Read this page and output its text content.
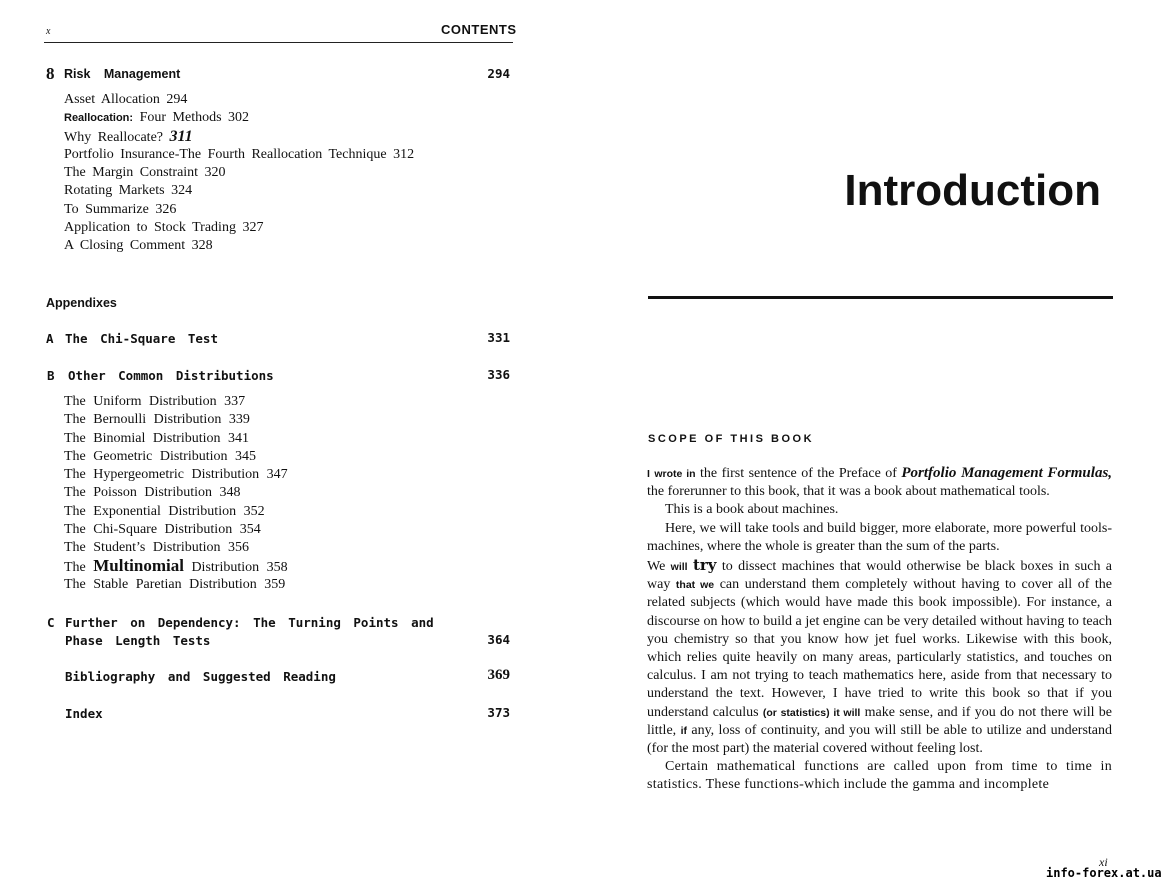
x	CONTENTS
8 Risk Management	294
Asset Allocation 294
Reallocation: Four Methods 302
Why Reallocate? 311
Portfolio Insurance-The Fourth Reallocation Technique 312
The Margin Constraint 320
Rotating Markets 324
To Summarize 326
Application to Stock Trading 327
A Closing Comment 328
Appendixes
A The Chi-Square Test	331
B Other Common Distributions	336
The Uniform Distribution 337
The Bernoulli Distribution 339
The Binomial Distribution 341
The Geometric Distribution 345
The Hypergeometric Distribution 347
The Poisson Distribution 348
The Exponential Distribution 352
The Chi-Square Distribution 354
The Student’s Distribution 356
The Multinomial Distribution 358
The Stable Paretian Distribution 359
C Further on Dependency: The Turning Points and
Phase Length Tests	364
Bibliography and Suggested Reading	369
Index	373
Introduction
SCOPE OF THIS BOOK

I wrote in the first sentence of the Preface of Portfolio Management Formulas, the forerunner to this book, that it was a book about mathematical tools.

This is a book about machines.

Here, we will take tools and build bigger, more elaborate, more powerful tools-machines, where the whole is greater than the sum of the parts.

We will try to dissect machines that would otherwise be black boxes in such a way that we can understand them completely without having to cover all of the related subjects (which would have made this book impossible). For instance, a discourse on how to build a jet engine can be very detailed without having to teach you chemistry so that you know how jet fuel works. Likewise with this book, which relies quite heavily on many areas, particularly statistics, and touches on calculus. I am not trying to teach mathematics here, aside from that necessary to understand the text. However, I have tried to write this book so that if you understand calculus (or statistics) it will make sense, and if you do not there will be little, if any, loss of continuity, and you will still be able to utilize and understand (for the most part) the material covered without feeling lost.

Certain mathematical functions are called upon from time to time in statistics. These functions-which include the gamma and incomplete

xi
info-forex.at.ua
